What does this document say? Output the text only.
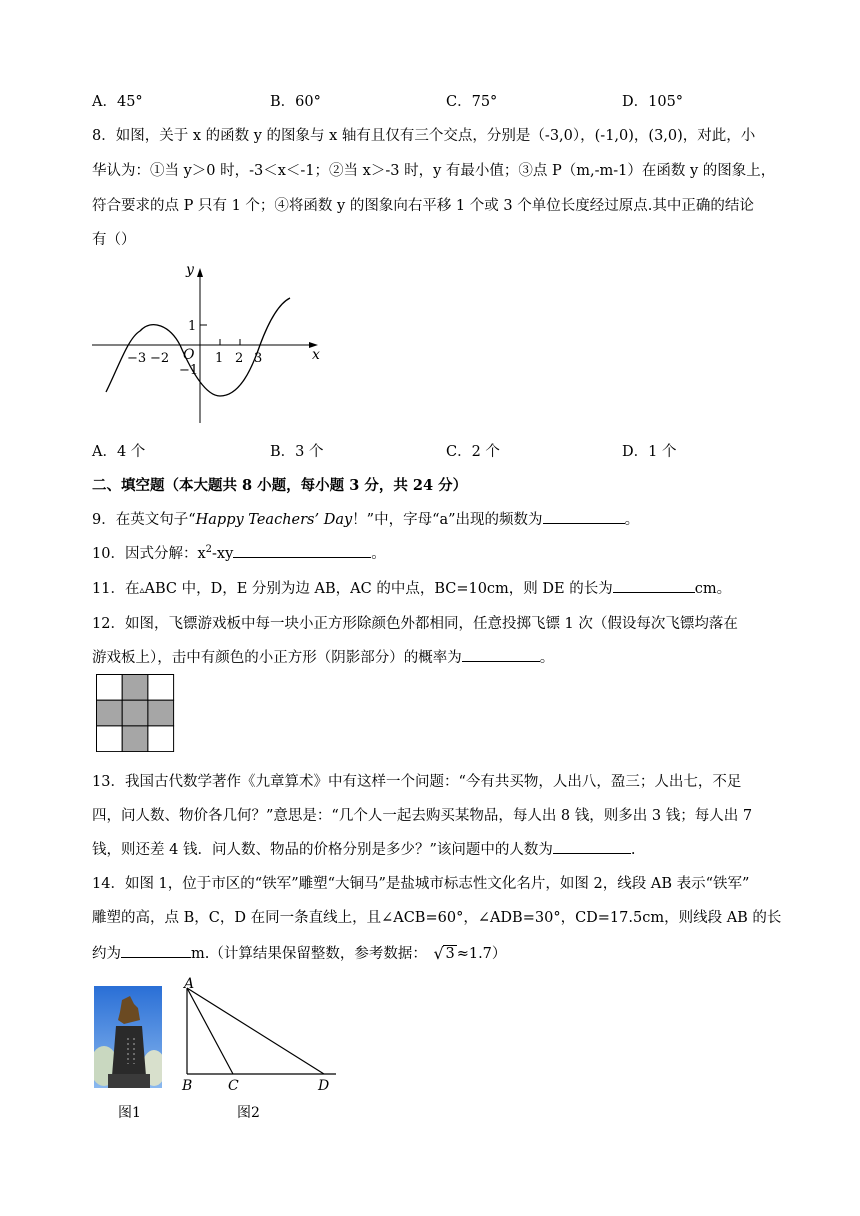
A．45°	B．60°	C．75°	D．105°
8．如图，关于 x 的函数 y 的图象与 x 轴有且仅有三个交点，分别是（-3,0），(-1,0)，(3,0)，对此，小
华认为：①当 y＞0 时，-3＜x＜-1；②当 x＞-3 时，y 有最小值；③点 P（m,-m-1）在函数 y 的图象上，
符合要求的点 P 只有 1 个；④将函数 y 的图象向右平移 1 个或 3 个单位长度经过原点.其中正确的结论
有（）
y
x
O
−3 −2	1 2 3
1
−1
A．4 个	B．3 个	C．2 个	D．1 个
二、填空题（本大题共 8 小题，每小题 3 分，共 24 分）
9．在英文句子“Happy Teachers’ Day！”中，字母“a”出现的频数为	。
10．因式分解：$x^2-xy$	。
11．在▵ABC 中，D，E 分别为边 AB，AC 的中点，BC=10cm，则 DE 的长为	cm。
12．如图，飞镖游戏板中每一块小正方形除颜色外都相同，任意投掷飞镖 1 次（假设每次飞镖均落在
游戏板上），击中有颜色的小正方形（阴影部分）的概率为	。
13．我国古代数学著作《九章算术》中有这样一个问题：“今有共买物，人出八，盈三；人出七，不足
四，问人数、物价各几何？”意思是：“几个人一起去购买某物品，每人出 8 钱，则多出 3 钱；每人出 7
钱，则还差 4 钱．问人数、物品的价格分别是多少？”该问题中的人数为	.
14．如图 1，位于市区的“铁军”雕塑“大铜马”是盐城市标志性文化名片，如图 2，线段 AB 表示“铁军”
雕塑的高，点 B，C，D 在同一条直线上，且∠ACB=60°，∠ADB=30°，CD=17.5cm，则线段 AB 的长
约为	m.（计算结果保留整数，参考数据： √ 3 ≈1.7）
图1
A
B	C	D
图2
